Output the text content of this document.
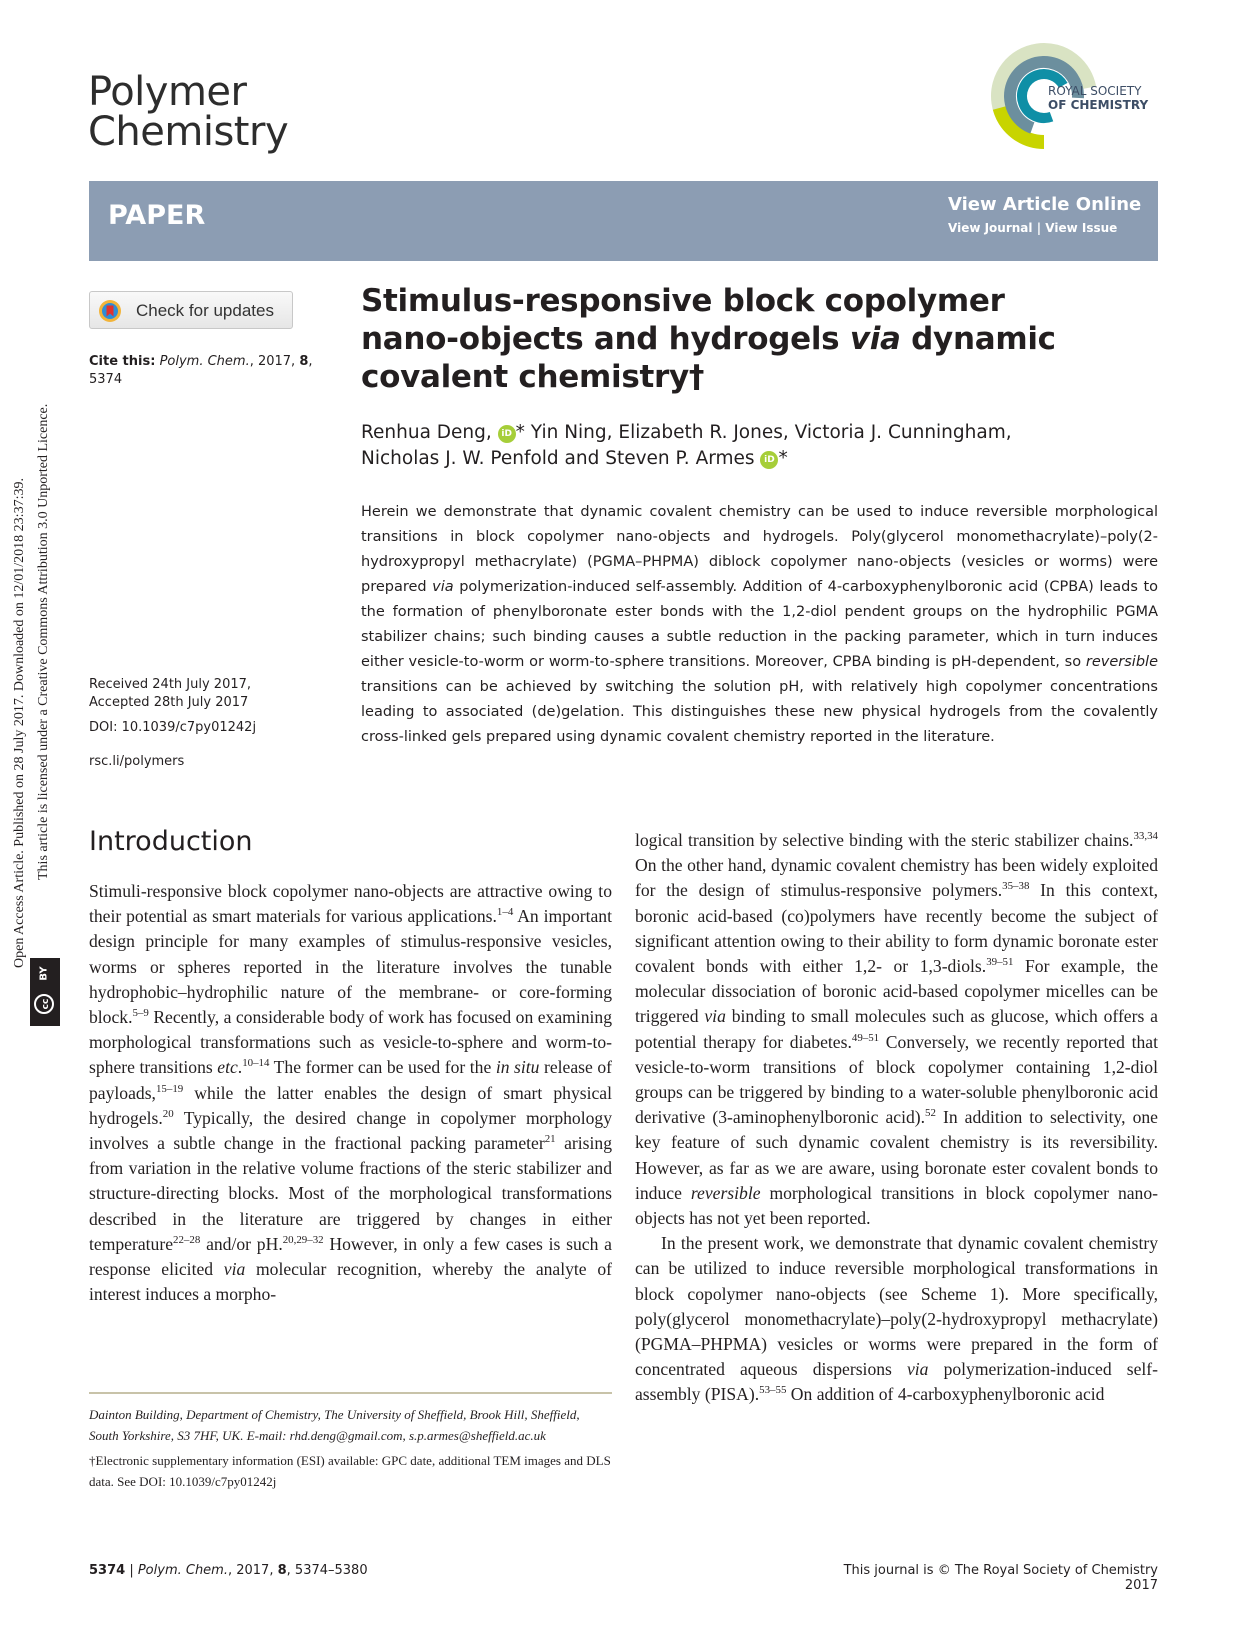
Polymer
Chemistry
ROYAL SOCIETY
OF CHEMISTRY
PAPER	View Article Online
View Journal | View Issue
Open Access Article. Published on 28 July 2017. Downloaded on 12/01/2018 23:37:39. This article is licensed under a Creative Commons Attribution 3.0 Unported Licence.
BY
cc
Check for updates
Cite this: Polym. Chem., 2017, 8,
5374
Received 24th July 2017,
Accepted 28th July 2017
DOI: 10.1039/c7py01242j
rsc.li/polymers
Stimulus-responsive block copolymer nano-objects and hydrogels via dynamic covalent chemistry†
Renhua Deng, iD * Yin Ning, Elizabeth R. Jones, Victoria J. Cunningham,
Nicholas J. W. Penfold and Steven P. Armes iD *
Herein we demonstrate that dynamic covalent chemistry can be used to induce reversible morphological transitions in block copolymer nano-objects and hydrogels. Poly(glycerol monomethacrylate)–poly(2-hydroxypropyl methacrylate) (PGMA–PHPMA) diblock copolymer nano-objects (vesicles or worms) were prepared via polymerization-induced self-assembly. Addition of 4-carboxyphenylboronic acid (CPBA) leads to the formation of phenylboronate ester bonds with the 1,2-diol pendent groups on the hydrophilic PGMA stabilizer chains; such binding causes a subtle reduction in the packing parameter, which in turn induces either vesicle-to-worm or worm-to-sphere transitions. Moreover, CPBA binding is pH-dependent, so reversible transitions can be achieved by switching the solution pH, with relatively high copolymer concentrations leading to associated (de)gelation. This distinguishes these new physical hydrogels from the covalently cross-linked gels prepared using dynamic covalent chemistry reported in the literature.
Introduction

Stimuli-responsive block copolymer nano-objects are attractive owing to their potential as smart materials for various applications.$^{1-4}$ An important design principle for many examples of stimulus-responsive vesicles, worms or spheres reported in the literature involves the tunable hydrophobic–hydrophilic nature of the membrane- or core-forming block.$^{5-9}$ Recently, a considerable body of work has focused on examining morphological transformations such as vesicle-to-sphere and worm-to-sphere transitions etc.$^{10-14}$ The former can be used for the in situ release of payloads,$^{15-19}$ while the latter enables the design of smart physical hydrogels.$^{20}$ Typically, the desired change in copolymer morphology involves a subtle change in the fractional packing parameter$^{21}$ arising from variation in the relative volume fractions of the steric stabilizer and structure-directing blocks. Most of the morphological transformations described in the literature are triggered by changes in either temperature$^{22-28}$ and/or pH.$^{20,29-32}$ However, in only a few cases is such a response elicited via molecular recognition, whereby the analyte of interest induces a morpho-

logical transition by selective binding with the steric stabilizer chains.$^{33,34}$ On the other hand, dynamic covalent chemistry has been widely exploited for the design of stimulus-responsive polymers.$^{35-38}$ In this context, boronic acid-based (co)polymers have recently become the subject of significant attention owing to their ability to form dynamic boronate ester covalent bonds with either 1,2- or 1,3-diols.$^{39-51}$ For example, the molecular dissociation of boronic acid-based copolymer micelles can be triggered via binding to small molecules such as glucose, which offers a potential therapy for diabetes.$^{49-51}$ Conversely, we recently reported that vesicle-to-worm transitions of block copolymer containing 1,2-diol groups can be triggered by binding to a water-soluble phenylboronic acid derivative (3-aminophenylboronic acid).$^{52}$ In addition to selectivity, one key feature of such dynamic covalent chemistry is its reversibility. However, as far as we are aware, using boronate ester covalent bonds to induce reversible morphological transitions in block copolymer nano-objects has not yet been reported.

In the present work, we demonstrate that dynamic covalent chemistry can be utilized to induce reversible morphological transformations in block copolymer nano-objects (see Scheme 1). More specifically, poly(glycerol monomethacrylate)–poly(2-hydroxypropyl methacrylate) (PGMA–PHPMA) vesicles or worms were prepared in the form of concentrated aqueous dispersions via polymerization-induced self-assembly (PISA).$^{53-55}$ On addition of 4-carboxyphenylboronic acid

Dainton Building, Department of Chemistry, The University of Sheffield, Brook Hill, Sheffield, South Yorkshire, S3 7HF, UK. E-mail: rhd.deng@gmail.com, s.p.armes@sheffield.ac.uk

†Electronic supplementary information (ESI) available: GPC date, additional TEM images and DLS data. See DOI: 10.1039/c7py01242j

5374 | Polym. Chem., 2017, 8, 5374–5380	This journal is © The Royal Society of Chemistry 2017
